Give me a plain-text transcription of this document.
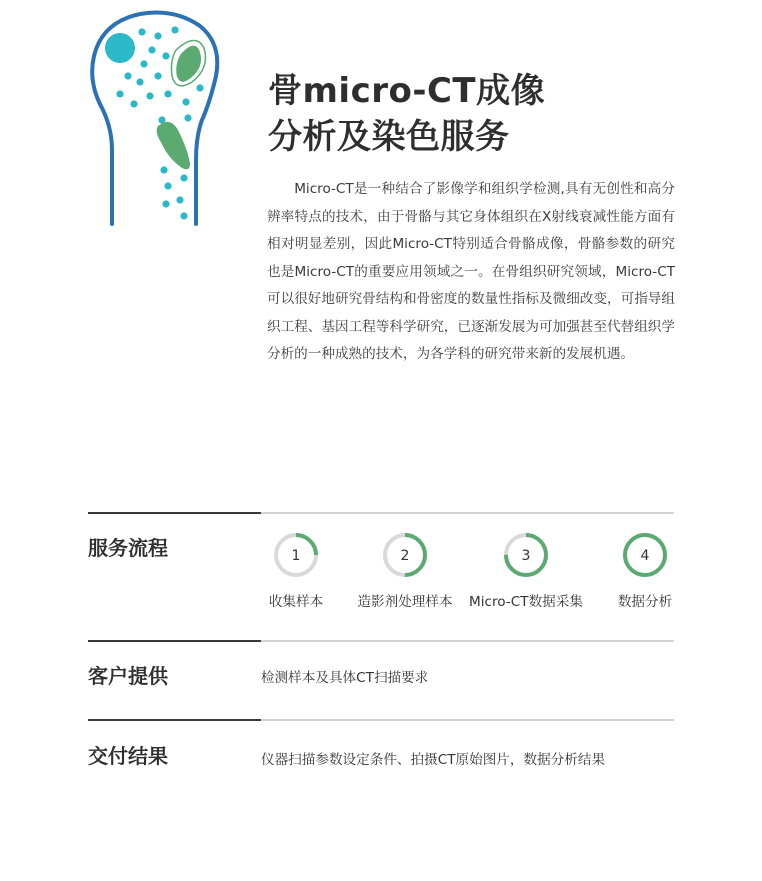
骨micro-CT成像
分析及染色服务

Micro-CT是一种结合了影像学和组织学检测,具有无创性和高分辨率特点的技术，由于骨骼与其它身体组织在X射线衰减性能方面有相对明显差别，因此Micro-CT特别适合骨骼成像，骨骼参数的研究也是Micro-CT的重要应用领域之一。在骨组织研究领域，Micro-CT可以很好地研究骨结构和骨密度的数量性指标及微细改变，可指导组织工程、基因工程等科学研究，已逐渐发展为可加强甚至代替组织学分析的一种成熟的技术，为各学科的研究带来新的发展机遇。

服务流程	1
收集样本
2
造影剂处理样本
3
Micro-CT数据采集
4
数据分析
客户提供	检测样本及具体CT扫描要求

交付结果	仪器扫描参数设定条件、拍摄CT原始图片，数据分析结果
